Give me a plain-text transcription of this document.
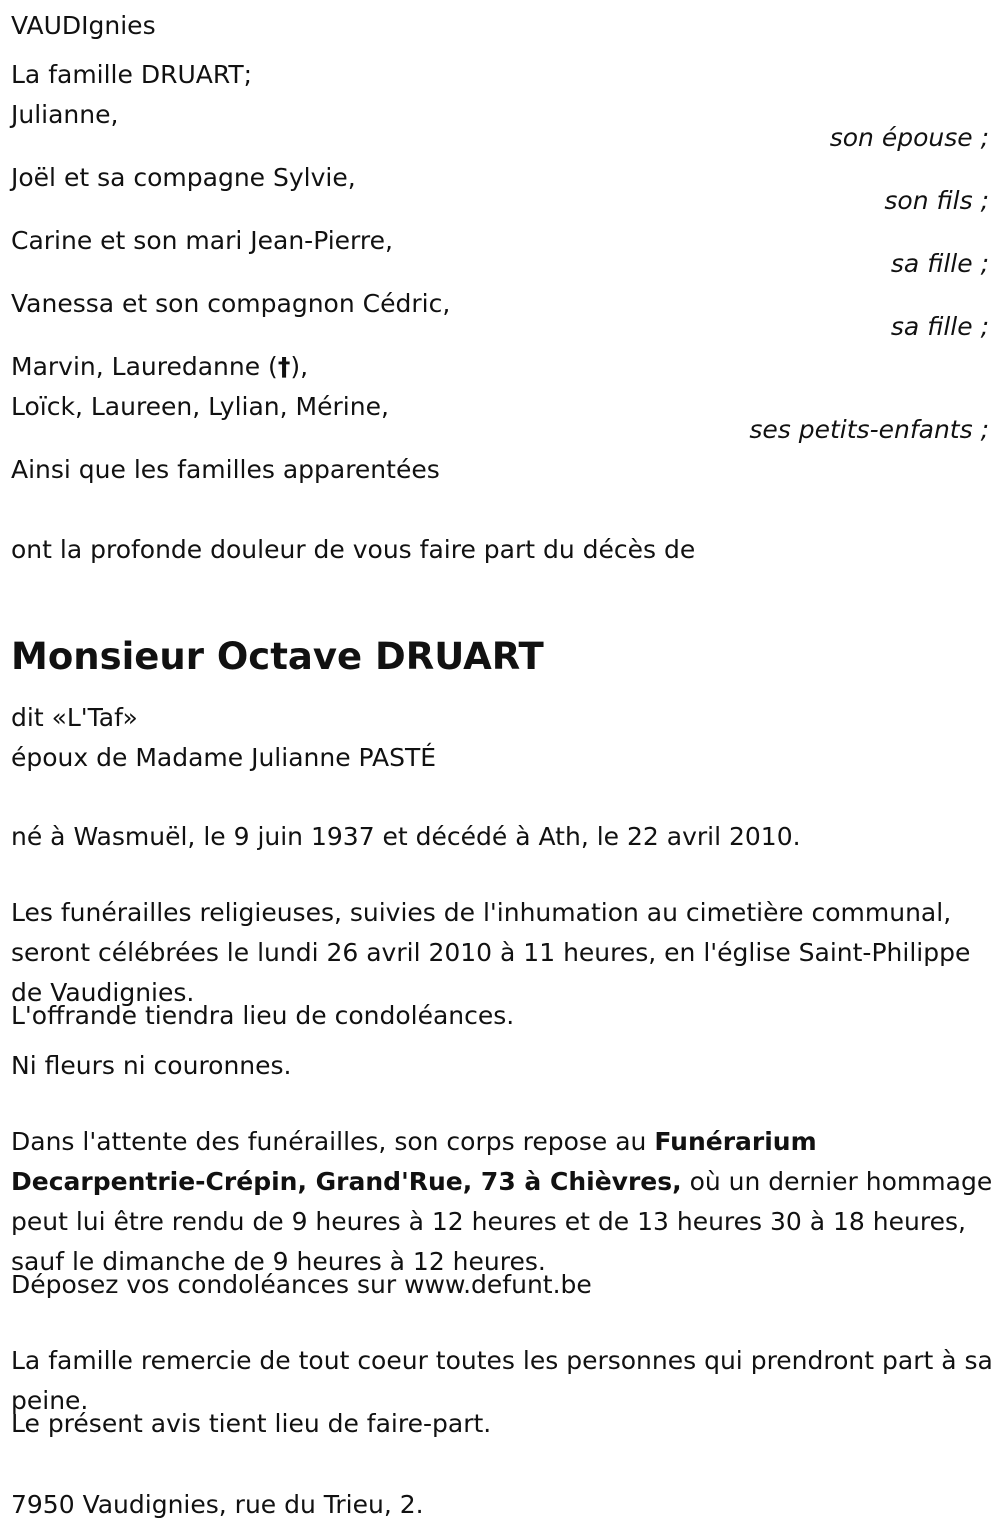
VAUDIgnies

La famille DRUART;

Julianne,

son épouse ;

Joël et sa compagne Sylvie,

son fils ;

Carine et son mari Jean-Pierre,

sa fille ;

Vanessa et son compagnon Cédric,

sa fille ;

Marvin, Lauredanne (†),

Loïck, Laureen, Lylian, Mérine,

ses petits-enfants ;

Ainsi que les familles apparentées

ont la profonde douleur de vous faire part du décès de

Monsieur Octave DRUART

dit «L'Taf»

époux de Madame Julianne PASTÉ

né à Wasmuël, le 9 juin 1937 et décédé à Ath, le 22 avril 2010.

Les funérailles religieuses, suivies de l'inhumation au cimetière communal, seront célébrées le lundi 26 avril 2010 à 11 heures, en l'église Saint-Philippe de Vaudignies.

L'offrande tiendra lieu de condoléances.

Ni fleurs ni couronnes.

Dans l'attente des funérailles, son corps repose au Funérarium Decarpentrie-Crépin, Grand'Rue, 73 à Chièvres, où un dernier hommage peut lui être rendu de 9 heures à 12 heures et de 13 heures 30 à 18 heures, sauf le dimanche de 9 heures à 12 heures.

Déposez vos condoléances sur www.defunt.be

La famille remercie de tout coeur toutes les personnes qui prendront part à sa peine.

Le présent avis tient lieu de faire-part.

7950 Vaudignies, rue du Trieu, 2.
